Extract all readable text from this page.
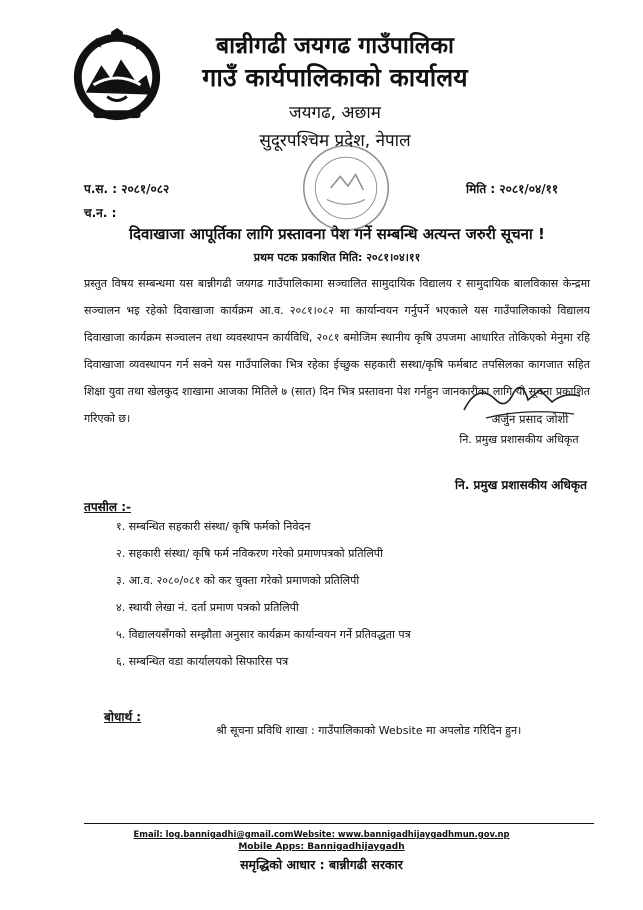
बान्नीगढी जयगढ गाउँपालिका
गाउँ कार्यपालिकाको कार्यालय
जयगढ, अछाम
सुदूरपश्चिम प्रदेश, नेपाल
प.स. : २०८१/०८२	मिति : २०८१/०४/११
च.न. :
दिवाखाजा आपूर्तिका लागि प्रस्तावना पेश गर्ने सम्बन्धि अत्यन्त जरुरी सूचना !
प्रथम पटक प्रकाशित मिति: २०८१।०४।११
प्रस्तुत विषय सम्बन्धमा यस बान्नीगढी जयगढ गाउँपालिकामा सञ्चालित सामुदायिक विद्यालय र सामुदायिक बालविकास केन्द्रमा सञ्चालन भइ रहेको दिवाखाजा कार्यक्रम आ.व. २०८१।०८२ मा कार्यान्वयन गर्नुपर्ने भएकाले यस गाउँपालिकाको विद्यालय दिवाखाजा कार्यक्रम सञ्चालन तथा व्यवस्थापन कार्यविधि, २०८१ बमोजिम स्थानीय कृषि उपजमा आधारित तोकिएको मेनुमा रहि दिवाखाजा व्यवस्थापन गर्न सक्ने यस गाउँपालिका भित्र रहेका ईच्छुक सहकारी सस्था/कृषि फर्मबाट तपसिलका कागजात सहित शिक्षा युवा तथा खेलकुद शाखामा आजका मितिले ७ (सात) दिन भित्र प्रस्तावना पेश गर्नहुन जानकारीका लागि यो सूचना प्रकाशित गरिएको छ।	अर्जुन प्रसाद जोशी
नि. प्रमुख प्रशासकीय अधिकृत
नि. प्रमुख प्रशासकीय अधिकृत
तपसील :-
१. सम्बन्धित सहकारी संस्था/ कृषि फर्मको निवेदन
२. सहकारी संस्था/ कृषि फर्म नविकरण गरेको प्रमाणपत्रको प्रतिलिपी
३. आ.व. २०८०/०८१ को कर चुक्ता गरेको प्रमाणको प्रतिलिपी
४. स्थायी लेखा नं. दर्ता प्रमाण पत्रको प्रतिलिपी
५. विद्यालयसँगको सम्झौता अनुसार कार्यक्रम कार्यान्वयन गर्ने प्रतिवद्धता पत्र
६. सम्बन्धित वडा कार्यालयको सिफारिस पत्र
बोधार्थ :
श्री सूचना प्रविधि शाखा : गाउँपालिकाको Website मा अपलोड गरिदिन हुन।
Email: log.bannigadhi@gmail.comWebsite: www.bannigadhijaygadhmun.gov.np
Mobile Apps: Bannigadhijaygadh
समृद्धिको आधार : बान्नीगढी सरकार
